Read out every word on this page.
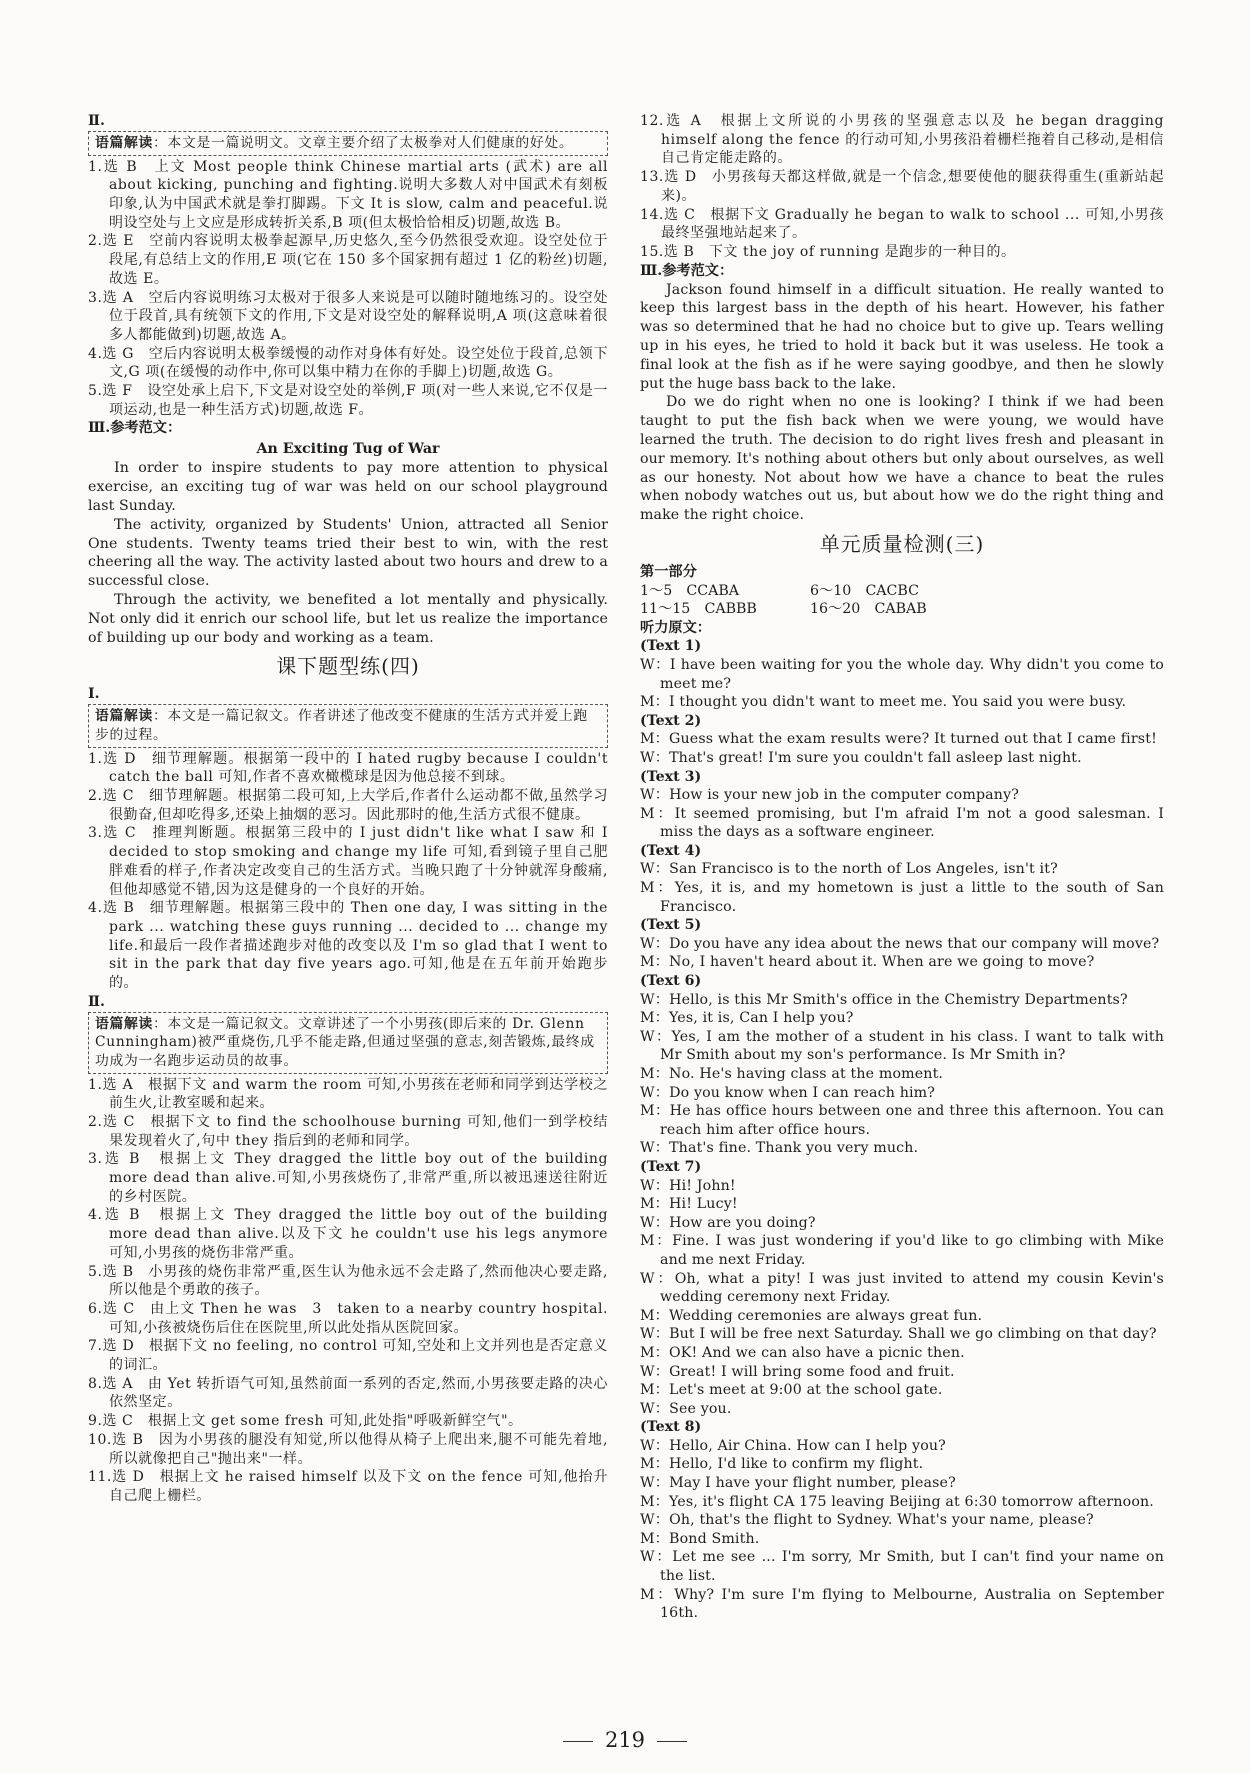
Ⅱ.

语篇解读：本文是一篇说明文。文章主要介绍了太极拳对人们健康的好处。

1.选 B　上文 Most people think Chinese martial arts (武术) are all about kicking, punching and fighting.说明大多数人对中国武术有刻板印象,认为中国武术就是拳打脚踢。下文 It is slow, calm and peaceful.说明设空处与上文应是形成转折关系,B 项(但太极恰恰相反)切题,故选 B。

2.选 E　空前内容说明太极拳起源早,历史悠久,至今仍然很受欢迎。设空处位于段尾,有总结上文的作用,E 项(它在 150 多个国家拥有超过 1 亿的粉丝)切题,故选 E。

3.选 A　空后内容说明练习太极对于很多人来说是可以随时随地练习的。设空处位于段首,具有统领下文的作用,下文是对设空处的解释说明,A 项(这意味着很多人都能做到)切题,故选 A。

4.选 G　空后内容说明太极拳缓慢的动作对身体有好处。设空处位于段首,总领下文,G 项(在缓慢的动作中,你可以集中精力在你的手脚上)切题,故选 G。

5.选 F　设空处承上启下,下文是对设空处的举例,F 项(对一些人来说,它不仅是一项运动,也是一种生活方式)切题,故选 F。

Ⅲ.参考范文：

An Exciting Tug of War

In order to inspire students to pay more attention to physical exercise, an exciting tug of war was held on our school playground last Sunday.

The activity, organized by Students' Union, attracted all Senior One students. Twenty teams tried their best to win, with the rest cheering all the way. The activity lasted about two hours and drew to a successful close.

Through the activity, we benefited a lot mentally and physically. Not only did it enrich our school life, but let us realize the importance of building up our body and working as a team.

课下题型练(四)

Ⅰ.

语篇解读：本文是一篇记叙文。作者讲述了他改变不健康的生活方式并爱上跑步的过程。

1.选 D　细节理解题。根据第一段中的 I hated rugby because I couldn't catch the ball 可知,作者不喜欢橄榄球是因为他总接不到球。

2.选 C　细节理解题。根据第二段可知,上大学后,作者什么运动都不做,虽然学习很勤奋,但却吃得多,还染上抽烟的恶习。因此那时的他,生活方式很不健康。

3.选 C　推理判断题。根据第三段中的 I just didn't like what I saw 和 I decided to stop smoking and change my life 可知,看到镜子里自己肥胖难看的样子,作者决定改变自己的生活方式。当晚只跑了十分钟就浑身酸痛,但他却感觉不错,因为这是健身的一个良好的开始。

4.选 B　细节理解题。根据第三段中的 Then one day, I was sitting in the park ... watching these guys running ... decided to ... change my life.和最后一段作者描述跑步对他的改变以及 I'm so glad that I went to sit in the park that day five years ago.可知,他是在五年前开始跑步的。

Ⅱ.

语篇解读：本文是一篇记叙文。文章讲述了一个小男孩(即后来的 Dr. Glenn Cunningham)被严重烧伤,几乎不能走路,但通过坚强的意志,刻苦锻炼,最终成功成为一名跑步运动员的故事。

1.选 A　根据下文 and warm the room 可知,小男孩在老师和同学到达学校之前生火,让教室暖和起来。

2.选 C　根据下文 to find the schoolhouse burning 可知,他们一到学校结果发现着火了,句中 they 指后到的老师和同学。

3.选 B　根据上文 They dragged the little boy out of the building more dead than alive.可知,小男孩烧伤了,非常严重,所以被迅速送往附近的乡村医院。

4.选 B　根据上文 They dragged the little boy out of the building more dead than alive.以及下文 he couldn't use his legs anymore 可知,小男孩的烧伤非常严重。

5.选 B　小男孩的烧伤非常严重,医生认为他永远不会走路了,然而他决心要走路,所以他是个勇敢的孩子。

6.选 C　由上文 Then he was　3　taken to a nearby country hospital.可知,小孩被烧伤后住在医院里,所以此处指从医院回家。

7.选 D　根据下文 no feeling, no control 可知,空处和上文并列也是否定意义的词汇。

8.选 A　由 Yet 转折语气可知,虽然前面一系列的否定,然而,小男孩要走路的决心依然坚定。

9.选 C　根据上文 get some fresh 可知,此处指"呼吸新鲜空气"。

10.选 B　因为小男孩的腿没有知觉,所以他得从椅子上爬出来,腿不可能先着地,所以就像把自己"抛出来"一样。

11.选 D　根据上文 he raised himself 以及下文 on the fence 可知,他抬升自己爬上栅栏。

12.选 A　根据上文所说的小男孩的坚强意志以及 he began dragging himself along the fence 的行动可知,小男孩沿着栅栏拖着自己移动,是相信自己肯定能走路的。

13.选 D　小男孩每天都这样做,就是一个信念,想要使他的腿获得重生(重新站起来)。

14.选 C　根据下文 Gradually he began to walk to school ... 可知,小男孩最终坚强地站起来了。

15.选 B　下文 the joy of running 是跑步的一种目的。

Ⅲ.参考范文：

Jackson found himself in a difficult situation. He really wanted to keep this largest bass in the depth of his heart. However, his father was so determined that he had no choice but to give up. Tears welling up in his eyes, he tried to hold it back but it was useless. He took a final look at the fish as if he were saying goodbye, and then he slowly put the huge bass back to the lake.

Do we do right when no one is looking? I think if we had been taught to put the fish back when we were young, we would have learned the truth. The decision to do right lives fresh and pleasant in our memory. It's nothing about others but only about ourselves, as well as our honesty. Not about how we have a chance to beat the rules when nobody watches out us, but about how we do the right thing and make the right choice.

单元质量检测(三)

第一部分

1～5　CCABA	6～10　CACBC

11～15　CABBB	16～20　CABAB

听力原文：

(Text 1)

W：I have been waiting for you the whole day. Why didn't you come to meet me?

M：I thought you didn't want to meet me. You said you were busy.

(Text 2)

M：Guess what the exam results were? It turned out that I came first!

W：That's great! I'm sure you couldn't fall asleep last night.

(Text 3)

W：How is your new job in the computer company?

M：It seemed promising, but I'm afraid I'm not a good salesman. I miss the days as a software engineer.

(Text 4)

W：San Francisco is to the north of Los Angeles, isn't it?

M：Yes, it is, and my hometown is just a little to the south of San Francisco.

(Text 5)

W：Do you have any idea about the news that our company will move?

M：No, I haven't heard about it. When are we going to move?

(Text 6)

W：Hello, is this Mr Smith's office in the Chemistry Departments?

M：Yes, it is, Can I help you?

W：Yes, I am the mother of a student in his class. I want to talk with Mr Smith about my son's performance. Is Mr Smith in?

M：No. He's having class at the moment.

W：Do you know when I can reach him?

M：He has office hours between one and three this afternoon. You can reach him after office hours.

W：That's fine. Thank you very much.

(Text 7)

W：Hi! John!

M：Hi! Lucy!

W：How are you doing?

M：Fine. I was just wondering if you'd like to go climbing with Mike and me next Friday.

W：Oh, what a pity! I was just invited to attend my cousin Kevin's wedding ceremony next Friday.

M：Wedding ceremonies are always great fun.

W：But I will be free next Saturday. Shall we go climbing on that day?

M：OK! And we can also have a picnic then.

W：Great! I will bring some food and fruit.

M：Let's meet at 9:00 at the school gate.

W：See you.

(Text 8)

W：Hello, Air China. How can I help you?

M：Hello, I'd like to confirm my flight.

W：May I have your flight number, please?

M：Yes, it's flight CA 175 leaving Beijing at 6:30 tomorrow afternoon.

W：Oh, that's the flight to Sydney. What's your name, please?

M：Bond Smith.

W：Let me see ... I'm sorry, Mr Smith, but I can't find your name on the list.

M：Why? I'm sure I'm flying to Melbourne, Australia on September 16th.

219
